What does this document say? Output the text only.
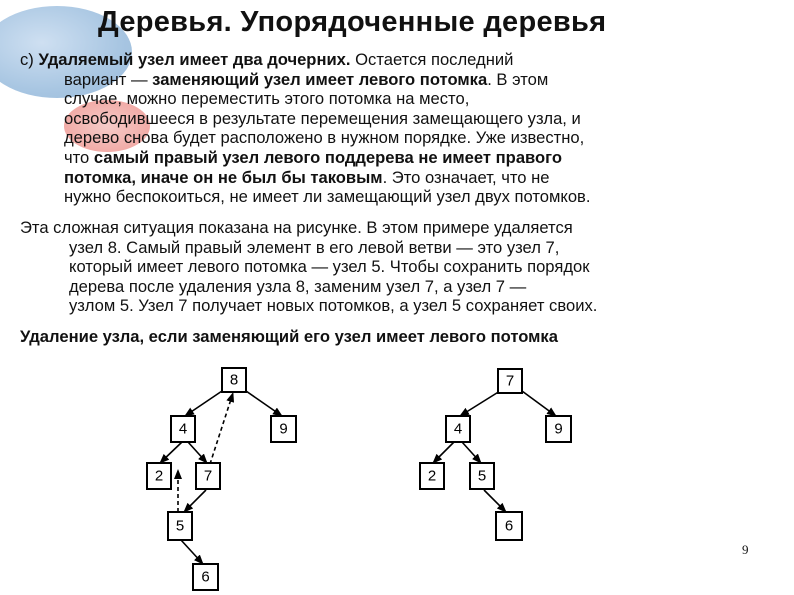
Деревья. Упорядоченные деревья
с) Удаляемый узел имеет два дочерних. Остается последний
вариант — заменяющий узел имеет левого потомка. В этом
случае, можно переместить этого потомка на место,
освободившееся в результате перемещения замещающего узла, и
дерево снова будет расположено в нужном порядке. Уже известно,
что самый правый узел левого поддерева не имеет правого
потомка, иначе он не был бы таковым. Это означает, что не
нужно беспокоиться, не имеет ли замещающий узел двух потомков.
Эта сложная ситуация показана на рисунке. В этом примере удаляется
узел 8. Самый правый элемент в его левой ветви — это узел 7,
который имеет левого потомка — узел 5. Чтобы сохранить порядок
дерева после удаления узла 8, заменим узел 7, а узел 7 —
узлом 5. Узел 7 получает новых потомков, а узел 5 сохраняет своих.

Удаление узла, если заменяющий его узел имеет левого потомка

8
4	9
2	7
5
6
7
4	9
2	5
6

9
